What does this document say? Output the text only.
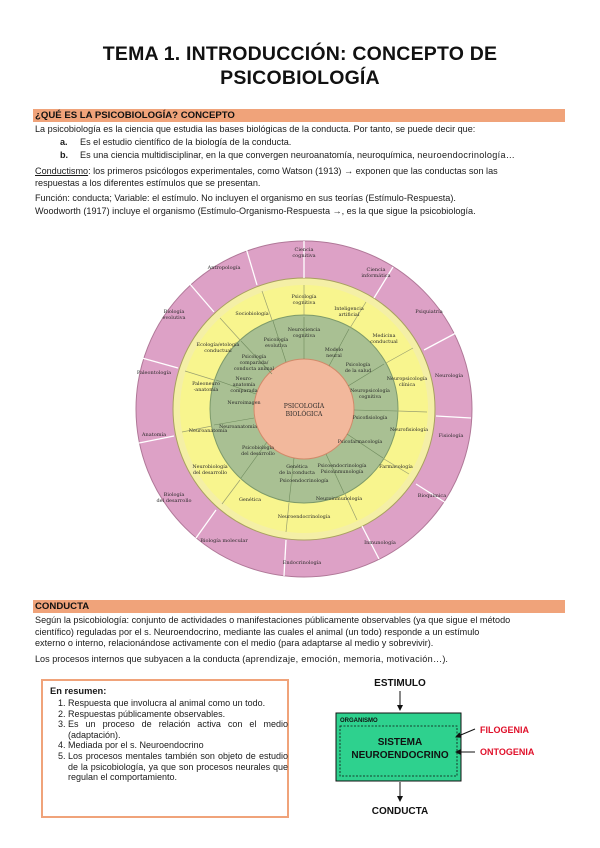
TEMA 1. INTRODUCCIÓN: CONCEPTO DE
PSICOBIOLOGÍA
¿QUÉ ES LA PSICOBIOLOGÍA? CONCEPTO
La psicobiología es la ciencia que estudia las bases biológicas de la conducta. Por tanto, se puede decir que:
a. Es el estudio científico de la biología de la conducta.
b. Es una ciencia multidisciplinar, en la que convergen neuroanatomía, neuroquímica, neuroendocrinología…
Conductismo: los primeros psicólogos experimentales, como Watson (1913) → exponen que las conductas son las
respuestas a los diferentes estímulos que se presentan.
Función: conducta; Variable: el estímulo. No incluyen el organismo en sus teorías (Estímulo-Respuesta).
Woodworth (1917) incluye el organismo (Estímulo-Organismo-Respuesta →, es la que sigue la psicobiología.
PSICOLOGÍA
BIOLÓGICA
Neurociencia
cognitiva
Modelo
neural
Psicología
de la salud
Neuropsicología
cognitiva
Psicofisiología
Psicofarmacología
Psicoendocrinología
Psicoinmunología
Genética
de la conducta
Psicoendocrinología
Psicobiología
del desarrollo
Neuroanatomía
Neuroimagen
Neuro-
anatomía
comparada
Psicología
comparada/
conducta animal
Psicología
evolutiva
Psicología
cognitiva
Inteligencia
artificial
Medicina
conductual
Neuropsicología
clínica
Neurofisiología
Farmacología
Neuroinmunología
Neuroendocrinología
Genética
Neurobiología
del desarrollo
Neuroanatomía
Paleoneuro
-anatomía
Ecología/etología
conductual
Sociobiología
Ciencia
cognitiva
Ciencia
informática
Psiquiatría
Neurología
Fisiología
Bioquímica
Inmunología
Endocrinología
Biología molecular
Biología
del desarrollo
Anatomía
Paleontología
Biología
evolutiva
Antropología
CONDUCTA
Según la psicobiología: conjunto de actividades o manifestaciones públicamente observables (ya que sigue el método
científico) reguladas por el s. Neuroendocrino, mediante las cuales el animal (un todo) responde a un estímulo
externo o interno, relacionándose activamente con el medio (para adaptarse al medio y sobrevivir).
Los procesos internos que subyacen a la conducta (aprendizaje, emoción, memoria, motivación…).
En resumen:
1. Respuesta que involucra al animal como un todo.
2. Respuestas públicamente observables.
3. Es un proceso de relación activa con el medio (adaptación).
4. Mediada por el s. Neuroendocrino
5. Los procesos mentales también son objeto de estudio de la psicobiología, ya que son procesos neurales que regulan el comportamiento.
ESTIMULO
ORGANISMO
SISTEMA
NEUROENDOCRINO
FILOGENIA
ONTOGENIA
CONDUCTA
